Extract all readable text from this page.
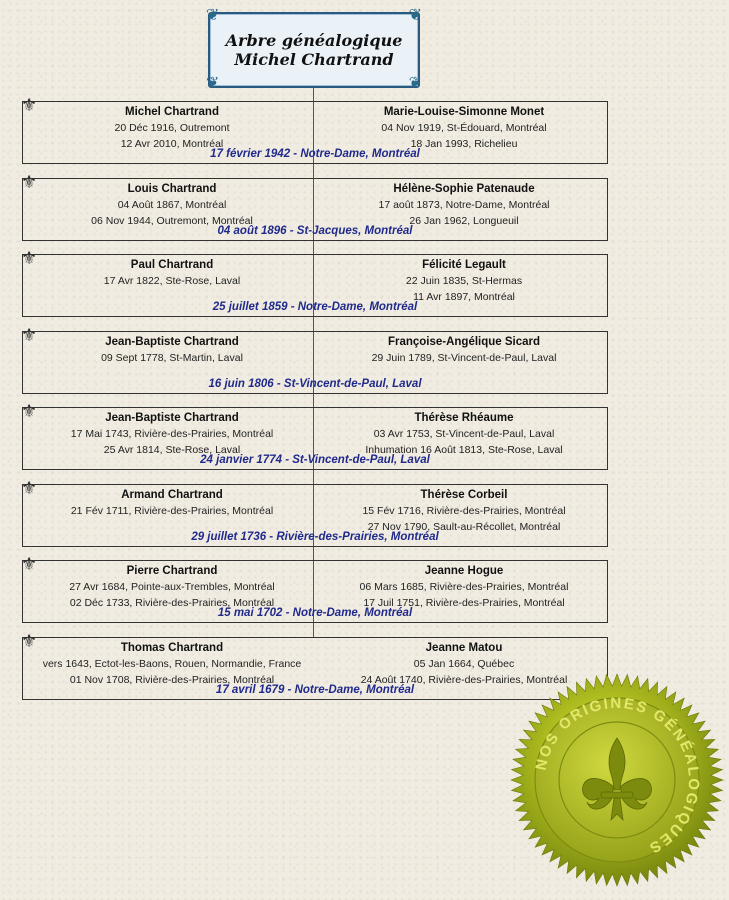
❦	❦
❦	❦
Arbre généalogique
Michel Chartrand
⚜	Michel Chartrand
20 Déc 1916, Outremont
12 Avr 2010, Montréal
Marie-Louise-Simonne Monet
04 Nov 1919, St-Édouard, Montréal
18 Jan 1993, Richelieu
17 février 1942 - Notre-Dame, Montréal
⚜	Louis Chartrand
04 Août 1867, Montréal
06 Nov 1944, Outremont, Montréal
Hélène-Sophie Patenaude
17 août 1873, Notre-Dame, Montréal
26 Jan 1962, Longueuil
04 août 1896 - St-Jacques, Montréal
⚜	Paul Chartrand
17 Avr 1822, Ste-Rose, Laval
Félicité Legault
22 Juin 1835, St-Hermas
11 Avr 1897, Montréal
25 juillet 1859 - Notre-Dame, Montréal
⚜	Jean-Baptiste Chartrand
09 Sept 1778, St-Martin, Laval
Françoise-Angélique Sicard
29 Juin 1789, St-Vincent-de-Paul, Laval
16 juin 1806 - St-Vincent-de-Paul, Laval
⚜	Jean-Baptiste Chartrand
17 Mai 1743, Rivière-des-Prairies, Montréal
25 Avr 1814, Ste-Rose, Laval
Thérèse Rhéaume
03 Avr 1753, St-Vincent-de-Paul, Laval
Inhumation 16 Août 1813, Ste-Rose, Laval
24 janvier 1774 - St-Vincent-de-Paul, Laval
⚜	Armand Chartrand
21 Fév 1711, Rivière-des-Prairies, Montréal
Thérèse Corbeil
15 Fév 1716, Rivière-des-Prairies, Montréal
27 Nov 1790, Sault-au-Récollet, Montréal
29 juillet 1736 - Rivière-des-Prairies, Montréal
⚜	Pierre Chartrand
27 Avr 1684, Pointe-aux-Trembles, Montréal
02 Déc 1733, Rivière-des-Prairies, Montréal
Jeanne Hogue
06 Mars 1685, Rivière-des-Prairies, Montréal
17 Juil 1751, Rivière-des-Prairies, Montréal
15 mai 1702 - Notre-Dame, Montréal
⚜	Thomas Chartrand
vers 1643, Ectot-les-Baons, Rouen, Normandie, France
01 Nov 1708, Rivière-des-Prairies, Montréal
Jeanne Matou
05 Jan 1664, Québec
24 Août 1740, Rivière-des-Prairies, Montréal
17 avril 1679 - Notre-Dame, Montréal
NOS ORIGINES GÉNÉALOGIQUES
